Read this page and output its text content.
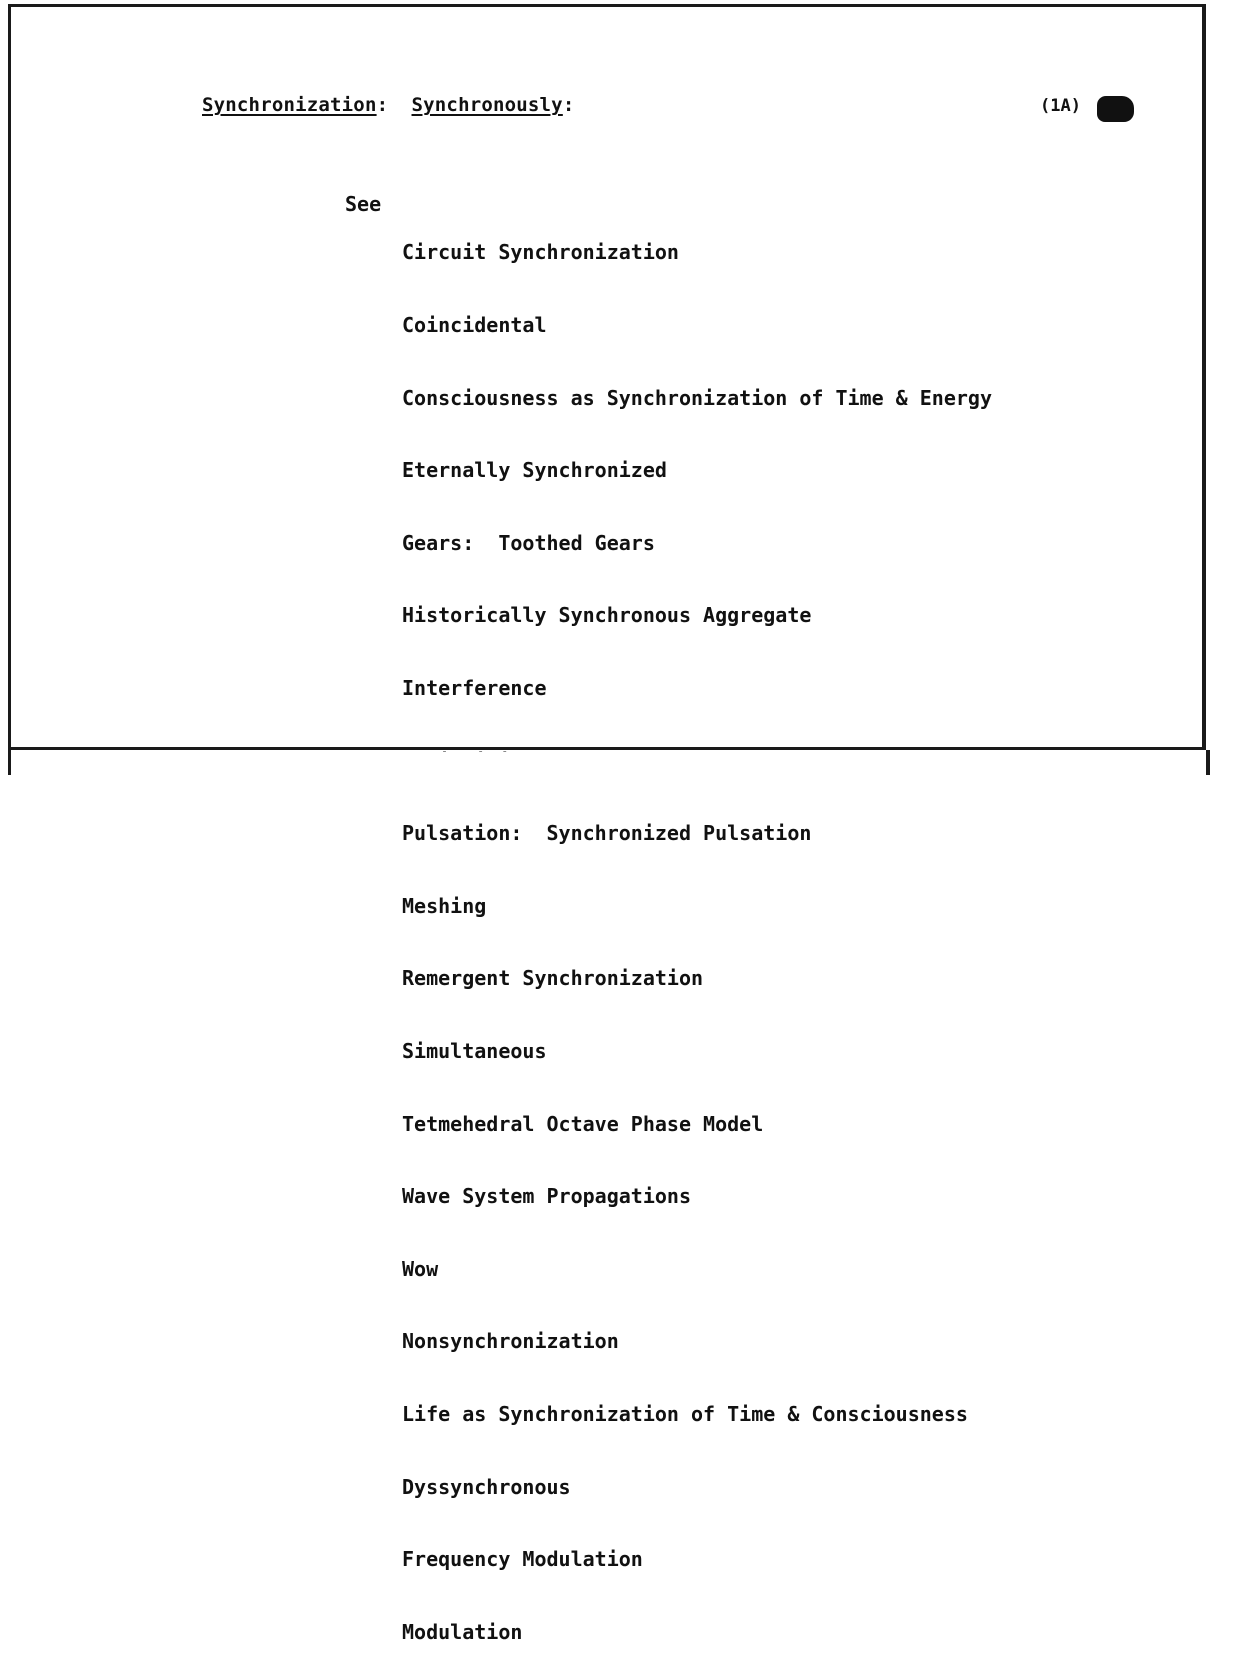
Synchronization:  Synchronously:	(1A)
See

Circuit Synchronization

Coincidental

Consciousness as Synchronization of Time & Energy

Eternally Synchronized

Gears:  Toothed Gears

Historically Synchronous Aggregate

Interference

Pulsation:  Synchronized Pulsation

Meshing

Remergent Synchronization

Simultaneous

Tetmehedral Octave Phase Model

Wave System Propagations

Wow

Nonsynchronization

Life as Synchronization of Time & Consciousness

Dyssynchronous

Frequency Modulation

Modulation
